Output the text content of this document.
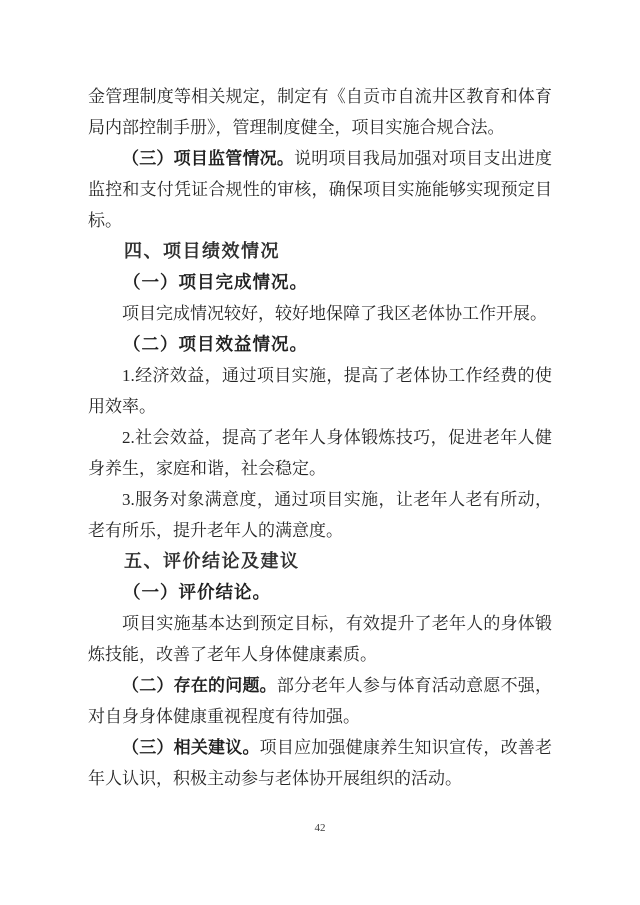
金管理制度等相关规定，制定有《自贡市自流井区教育和体育局内部控制手册》，管理制度健全，项目实施合规合法。

（三）项目监管情况。说明项目我局加强对项目支出进度监控和支付凭证合规性的审核，确保项目实施能够实现预定目标。

四、项目绩效情况

（一）项目完成情况。

项目完成情况较好，较好地保障了我区老体协工作开展。

（二）项目效益情况。

1.经济效益，通过项目实施，提高了老体协工作经费的使用效率。

2.社会效益，提高了老年人身体锻炼技巧，促进老年人健身养生，家庭和谐，社会稳定。

3.服务对象满意度，通过项目实施，让老年人老有所动，老有所乐，提升老年人的满意度。

五、评价结论及建议

（一）评价结论。

项目实施基本达到预定目标，有效提升了老年人的身体锻炼技能，改善了老年人身体健康素质。

（二）存在的问题。部分老年人参与体育活动意愿不强，对自身身体健康重视程度有待加强。

（三）相关建议。项目应加强健康养生知识宣传，改善老年人认识，积极主动参与老体协开展组织的活动。

42
